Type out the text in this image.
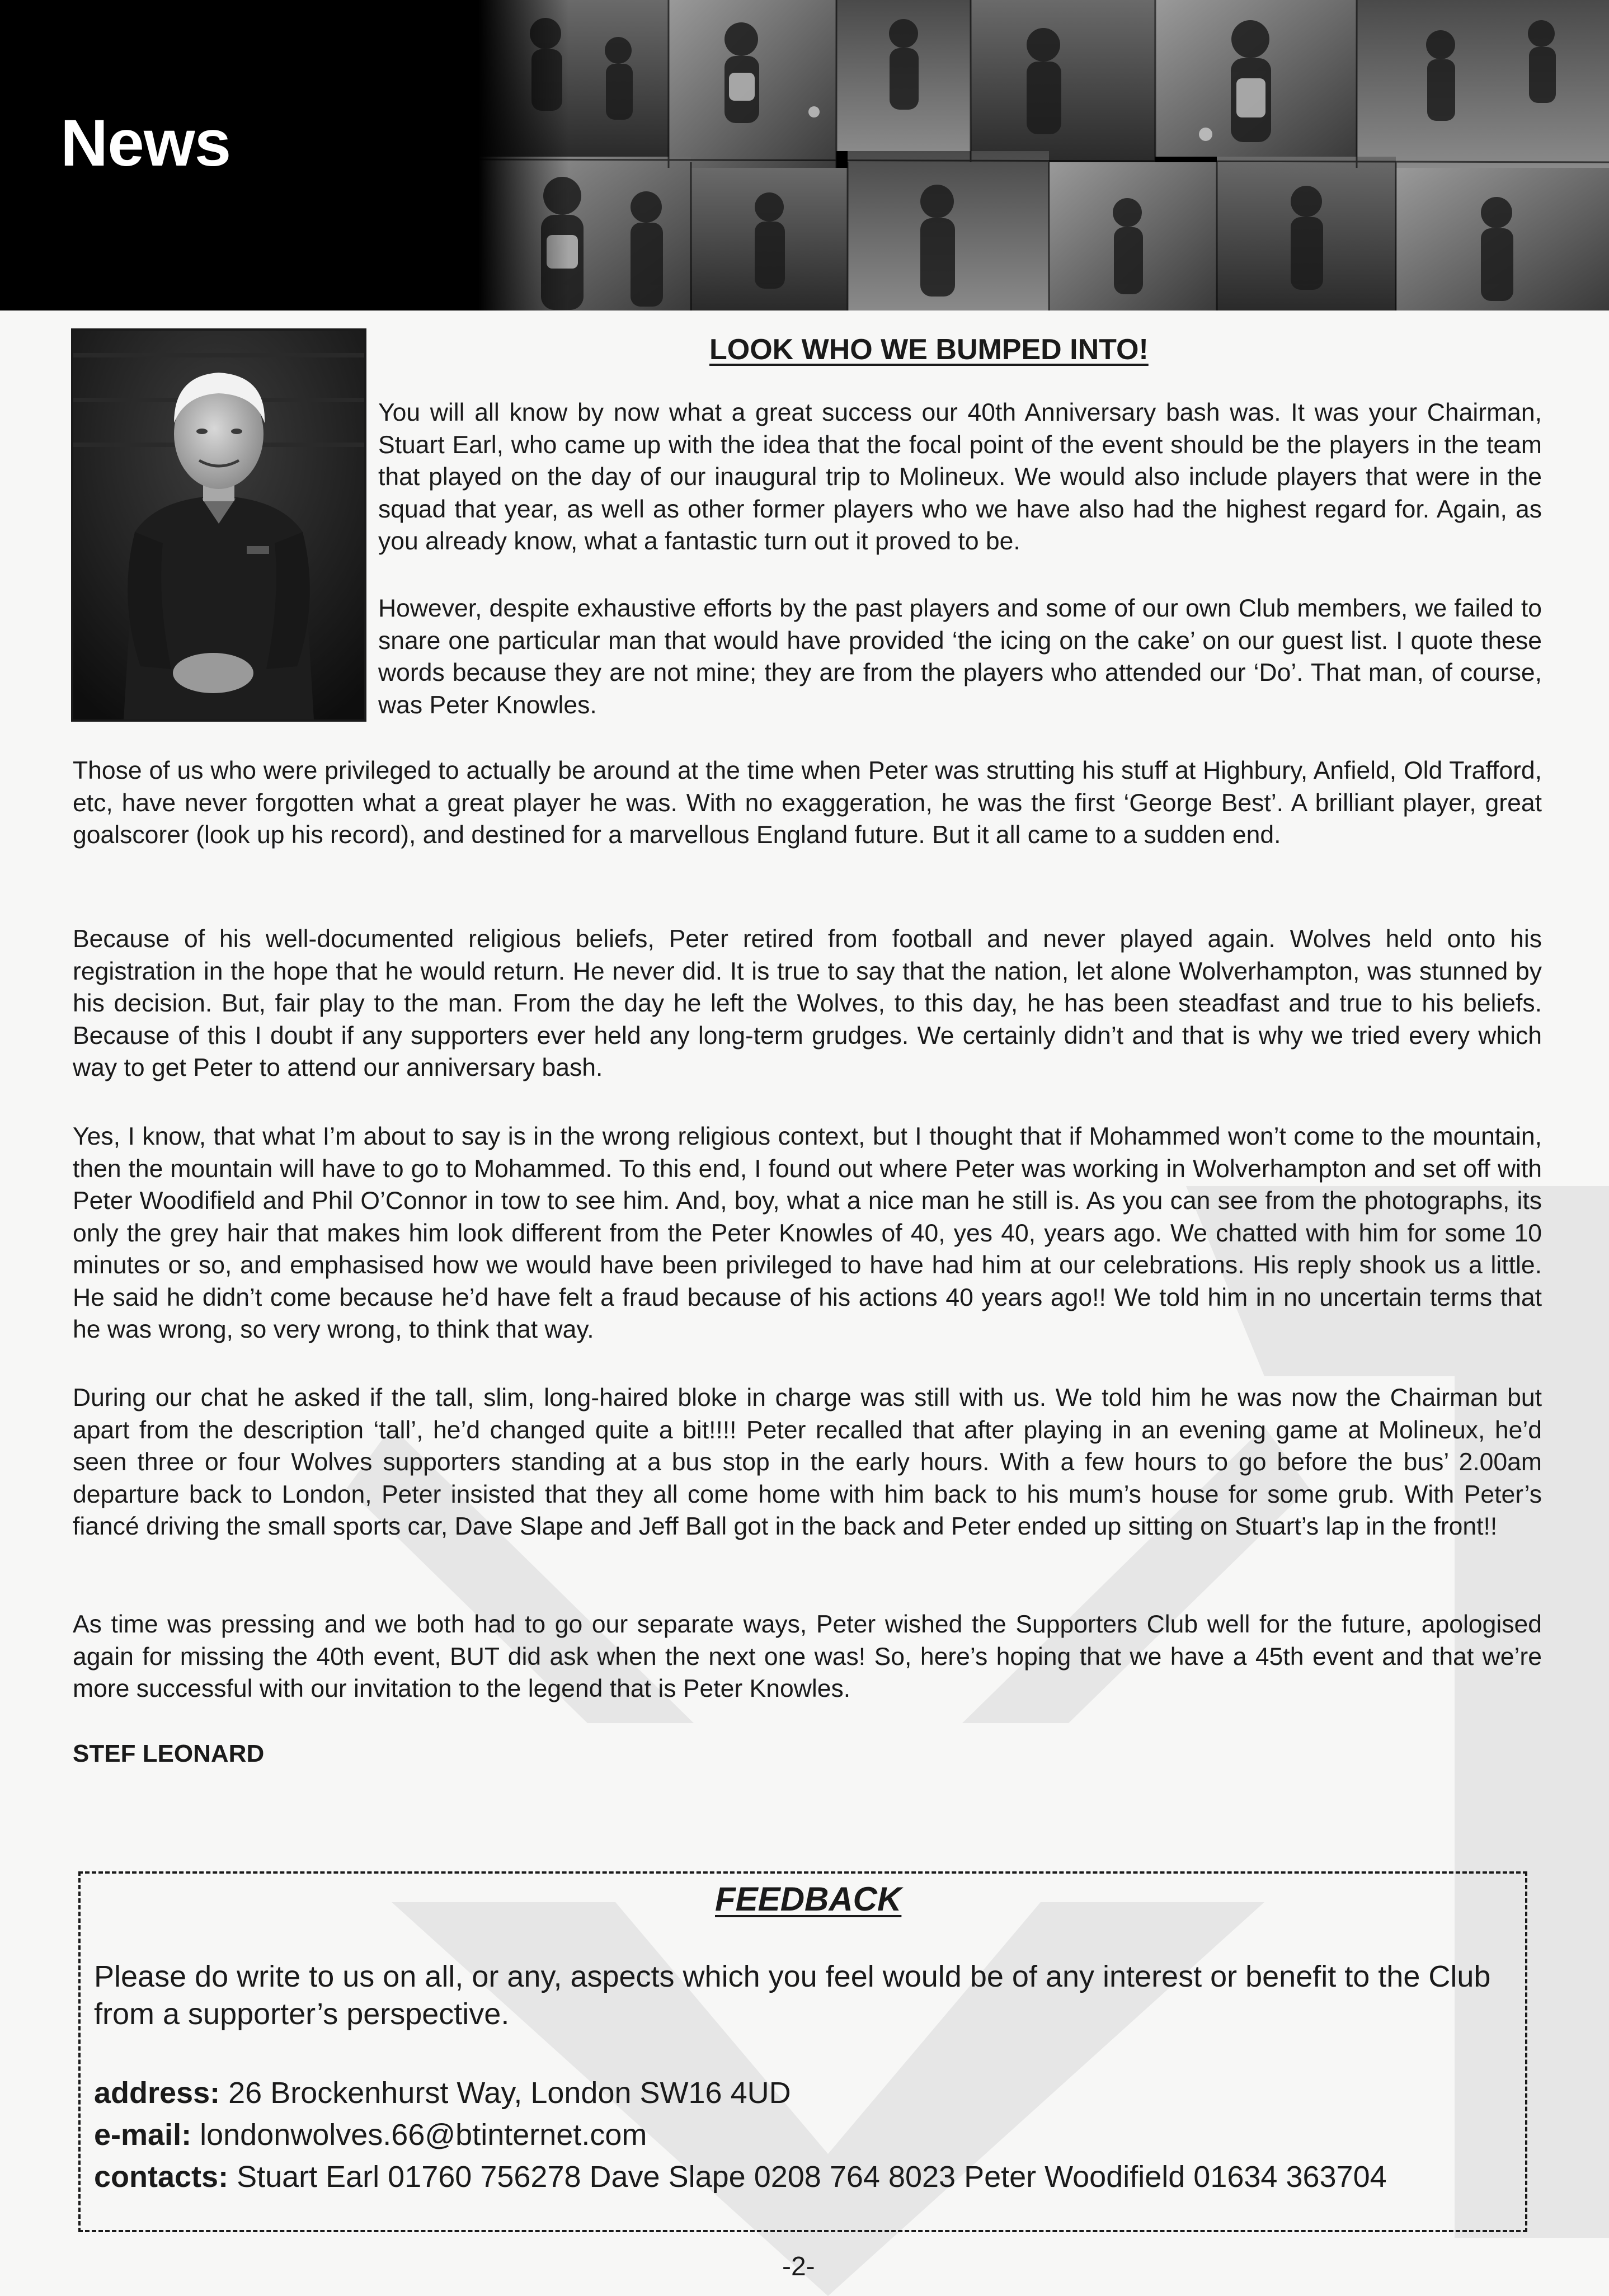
News
LOOK WHO WE BUMPED INTO!

You will all know by now what a great success our 40th Anniversary bash was. It was your Chairman, Stuart Earl, who came up with the idea that the focal point of the event should be the players in the team that played on the day of our inaugural trip to Molineux. We would also include players that were in the squad that year, as well as other former players who we have also had the highest regard for. Again, as you already know, what a fantastic turn out it proved to be.

However, despite exhaustive efforts by the past players and some of our own Club members, we failed to snare one particular man that would have provided ‘the icing on the cake’ on our guest list. I quote these words because they are not mine; they are from the players who attended our ‘Do’. That man, of course, was Peter Knowles.

Those of us who were privileged to actually be around at the time when Peter was strutting his stuff at Highbury, Anfield, Old Trafford, etc, have never forgotten what a great player he was. With no exaggeration, he was the first ‘George Best’. A brilliant player, great goalscorer (look up his record), and destined for a marvellous England future. But it all came to a sudden end.

Because of his well-documented religious beliefs, Peter retired from football and never played again. Wolves held onto his registration in the hope that he would return. He never did. It is true to say that the nation, let alone Wolverhampton, was stunned by his decision. But, fair play to the man. From the day he left the Wolves, to this day, he has been steadfast and true to his beliefs. Because of this I doubt if any supporters ever held any long-term grudges. We certainly didn’t and that is why we tried every which way to get Peter to attend our anniversary bash.

Yes, I know, that what I’m about to say is in the wrong religious context, but I thought that if Mohammed won’t come to the mountain, then the mountain will have to go to Mohammed. To this end, I found out where Peter was working in Wolverhampton and set off with Peter Woodifield and Phil O’Connor in tow to see him. And, boy, what a nice man he still is. As you can see from the photographs, its only the grey hair that makes him look different from the Peter Knowles of 40, yes 40, years ago. We chatted with him for some 10 minutes or so, and emphasised how we would have been privileged to have had him at our celebrations. His reply shook us a little. He said he didn’t come because he’d have felt a fraud because of his actions 40 years ago!! We told him in no uncertain terms that he was wrong, so very wrong, to think that way.

During our chat he asked if the tall, slim, long-haired bloke in charge was still with us. We told him he was now the Chairman but apart from the description ‘tall’, he’d changed quite a bit!!!! Peter recalled that after playing in an evening game at Molineux, he’d seen three or four Wolves supporters standing at a bus stop in the early hours. With a few hours to go before the bus’ 2.00am departure back to London, Peter insisted that they all come home with him back to his mum’s house for some grub. With Peter’s fiancé driving the small sports car, Dave Slape and Jeff Ball got in the back and Peter ended up sitting on Stuart’s lap in the front!!

As time was pressing and we both had to go our separate ways, Peter wished the Supporters Club well for the future, apologised again for missing the 40th event, BUT did ask when the next one was! So, here’s hoping that we have a 45th event and that we’re more successful with our invitation to the legend that is Peter Knowles.

STEF LEONARD
FEEDBACK

Please do write to us on all, or any, aspects which you feel would be of any interest or benefit to the Club from a supporter’s perspective.

address: 26 Brockenhurst Way, London SW16 4UD
e-mail: londonwolves.66@btinternet.com
contacts: Stuart Earl 01760 756278 Dave Slape 0208 764 8023 Peter Woodifield 01634 363704
-2-
